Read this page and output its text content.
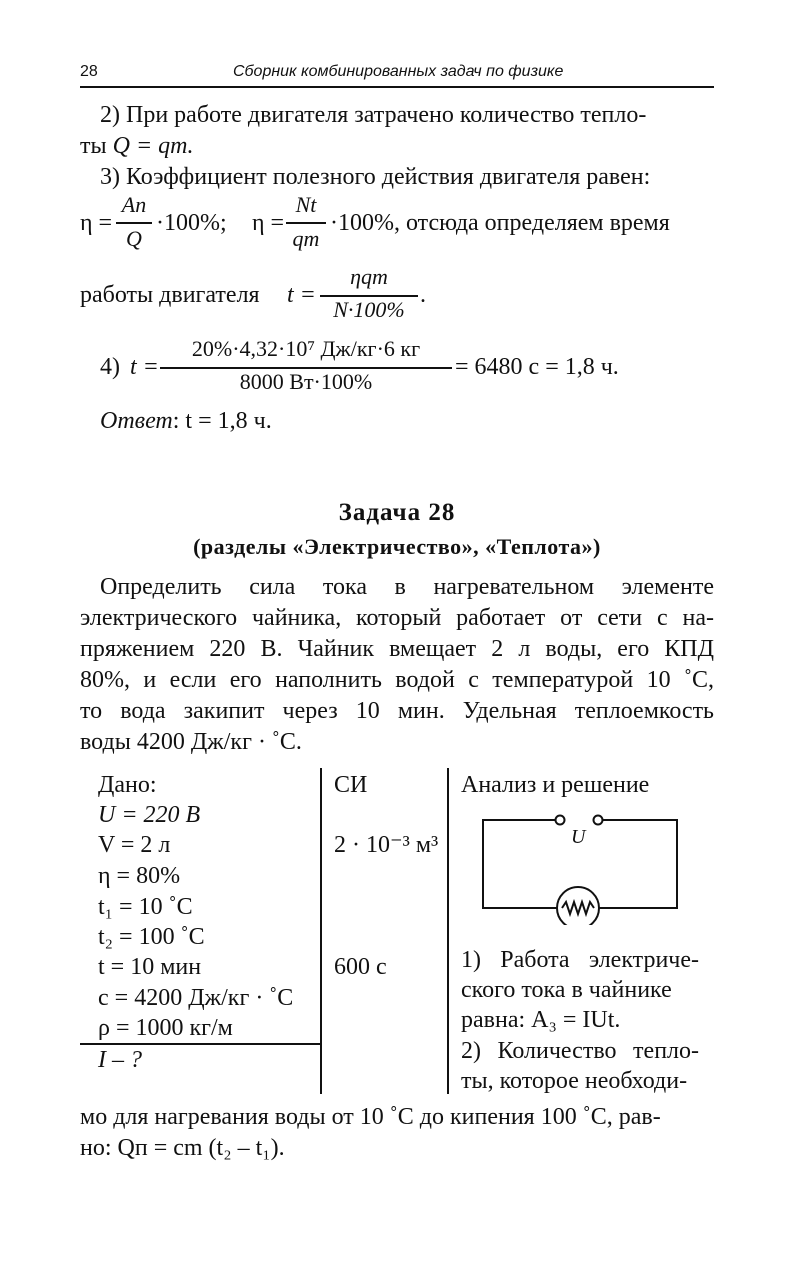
28	Сборник комбинированных задач по физике
2) При работе двигателя затрачено количество тепло-
ты Q = qm.
3) Коэффициент полезного действия двигателя равен:
η =
Aп
Q
·100%; η =
Nt
qm
·100%, отсюда определяем время
работы двигателя t =
ηqm
N·100%
.
4) t =
20%·4,32·10⁷ Дж/кг·6 кг
8000 Вт·100%
= 6480 с = 1,8 ч.
Ответ: t = 1,8 ч.
Задача 28
(разделы «Электричество», «Теплота»)
Определить сила тока в нагревательном элементе
электрического чайника, который работает от сети с на-
пряжением 220 В. Чайник вмещает 2 л воды, его КПД
80%, и если его наполнить водой с температурой 10 ˚С,
то вода закипит через 10 мин. Удельная теплоемкость
воды 4200 Дж/кг · ˚С.
Дано:
U = 220 В
V = 2 л
η = 80%
t₁ = 10 ˚С
t₂ = 100 ˚С
t = 10 мин
c = 4200 Дж/кг · ˚С
ρ = 1000 кг/м
I – ?
СИ
2 · 10⁻³ м³
600 с
Анализ и решение
U
1) Работа электриче-
ского тока в чайнике
равна: A₃ = IUt.
2) Количество тепло-
ты, которое необходи-
мо для нагревания воды от 10 ˚С до кипения 100 ˚С, рав-
но: Qп = cm (t₂ – t₁).
